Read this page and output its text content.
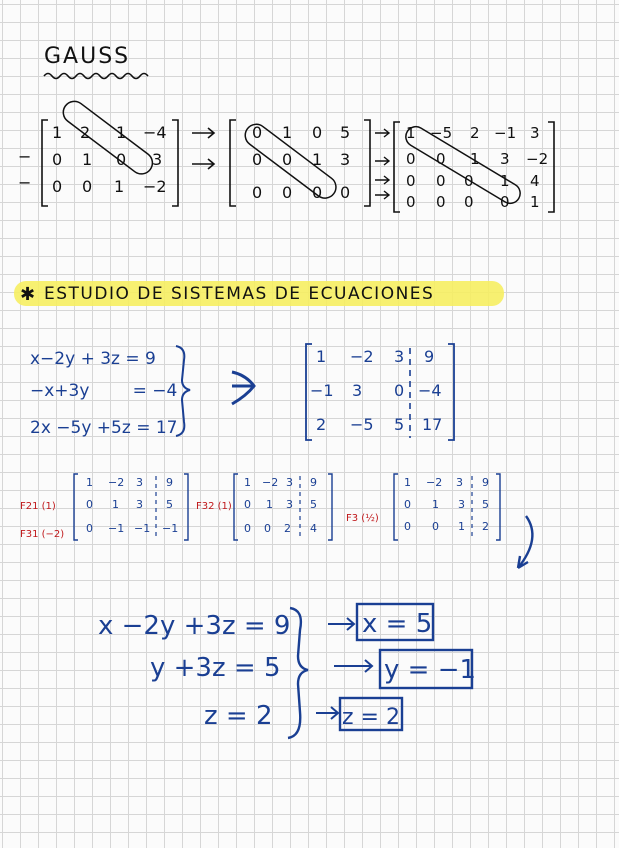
GAUSS
✱ ESTUDIO DE SISTEMAS DE ECUACIONES
−
−
1 2 1 −4
0 1 0 3
0 0 1 −2
0 1 0 5
0 0 1 3
0 0 0 0
1 −5 2 −1 3
0 0 1 3 −2
0 0 0 1 4
0 0 0 0 1
x−2y + 3z = 9
−x+3y        = −4
2x −5y +5z = 17
1 −2 3 9
−1 3 0 −4
2 −5 5 17
F21 (1)
F31 (−2)
F32 (1)
F3 (½)
1 −2 3 9
0 1 3 5
0 −1 −1 −1
1 −2 3 9
0 1 3 5
0 0 2 4
1 −2 3 9
0 1 3 5
0 0 1 2
x −2y +3z = 9
y +3z = 5
z = 2
x = 5
y = −1
z = 2
